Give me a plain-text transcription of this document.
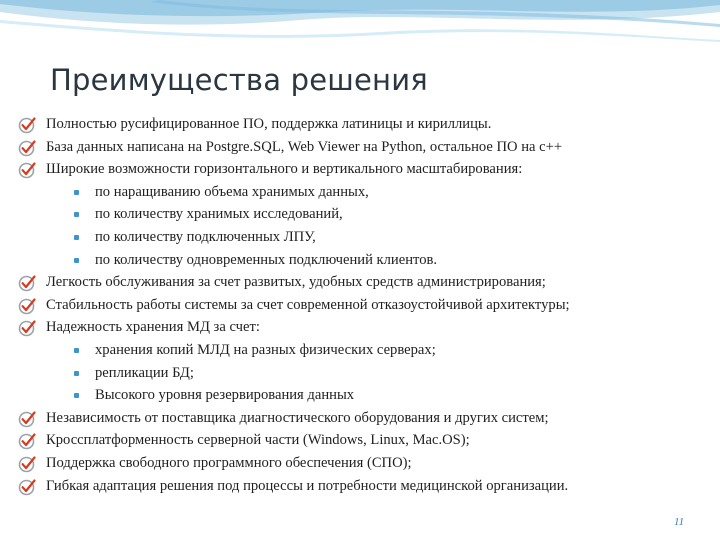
Преимущества решения
Полностью русифицированное ПО, поддержка латиницы и кириллицы.
База данных написана на Postgre.SQL, Web Viewer на Python, остальное ПО на с++
Широкие возможности горизонтального и вертикального масштабирования:
по наращиванию объема хранимых данных,
по количеству хранимых исследований,
по количеству подключенных ЛПУ,
по количеству одновременных подключений клиентов.
Легкость обслуживания за счет развитых, удобных средств администрирования;
Стабильность работы системы за счет современной отказоустойчивой архитектуры;
Надежность хранения МД за счет:
хранения копий МЛД на разных физических серверах;
репликации БД;
Высокого уровня резервирования данных
Независимость от поставщика диагностического оборудования и других систем;
Кроссплатформенность серверной части (Windows, Linux, Mac.OS);
Поддержка свободного программного обеспечения (СПО);
Гибкая адаптация решения под процессы и потребности медицинской организации.
11
